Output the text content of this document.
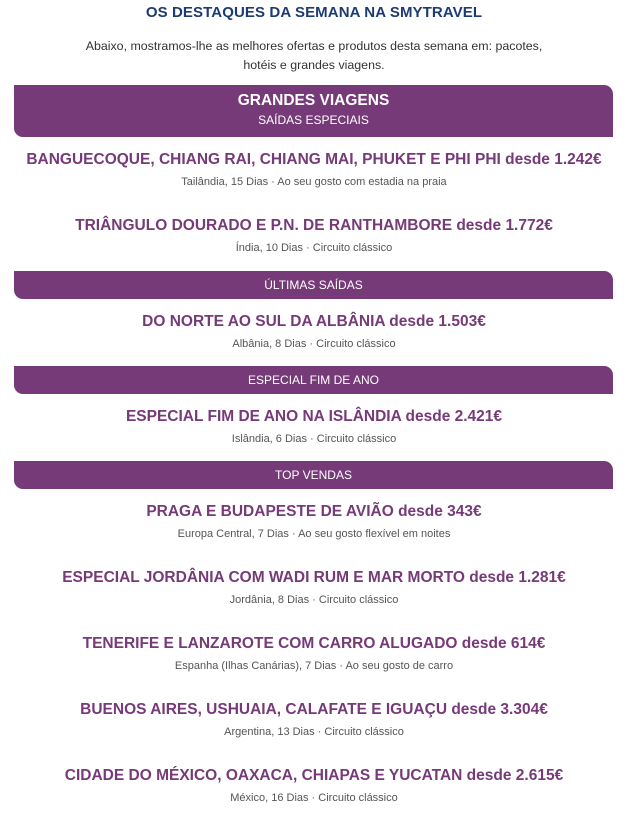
OS DESTAQUES DA SEMANA NA SMYTRAVEL
Abaixo, mostramos-lhe as melhores ofertas e produtos desta semana em: pacotes,
hotéis e grandes viagens.
GRANDES VIAGENS
SAÍDAS ESPECIAIS
BANGUECOQUE, CHIANG RAI, CHIANG MAI, PHUKET E PHI PHI desde 1.242€
Tailândia, 15 Dias · Ao seu gosto com estadia na praia
TRIÂNGULO DOURADO E P.N. DE RANTHAMBORE desde 1.772€
Índia, 10 Dias · Circuito clássico
ÚLTIMAS SAÍDAS
DO NORTE AO SUL DA ALBÂNIA desde 1.503€
Albânia, 8 Dias · Circuito clássico
ESPECIAL FIM DE ANO
ESPECIAL FIM DE ANO NA ISLÂNDIA desde 2.421€
Islândia, 6 Dias · Circuito clássico
TOP VENDAS
PRAGA E BUDAPESTE DE AVIÃO desde 343€
Europa Central, 7 Dias · Ao seu gosto flexível em noites
ESPECIAL JORDÂNIA COM WADI RUM E MAR MORTO desde 1.281€
Jordânia, 8 Dias · Circuito clássico
TENERIFE E LANZAROTE COM CARRO ALUGADO desde 614€
Espanha (Ilhas Canárias), 7 Dias · Ao seu gosto de carro
BUENOS AIRES, USHUAIA, CALAFATE E IGUAÇU desde 3.304€
Argentina, 13 Dias · Circuito clássico
CIDADE DO MÉXICO, OAXACA, CHIAPAS E YUCATAN desde 2.615€
México, 16 Dias · Circuito clássico
